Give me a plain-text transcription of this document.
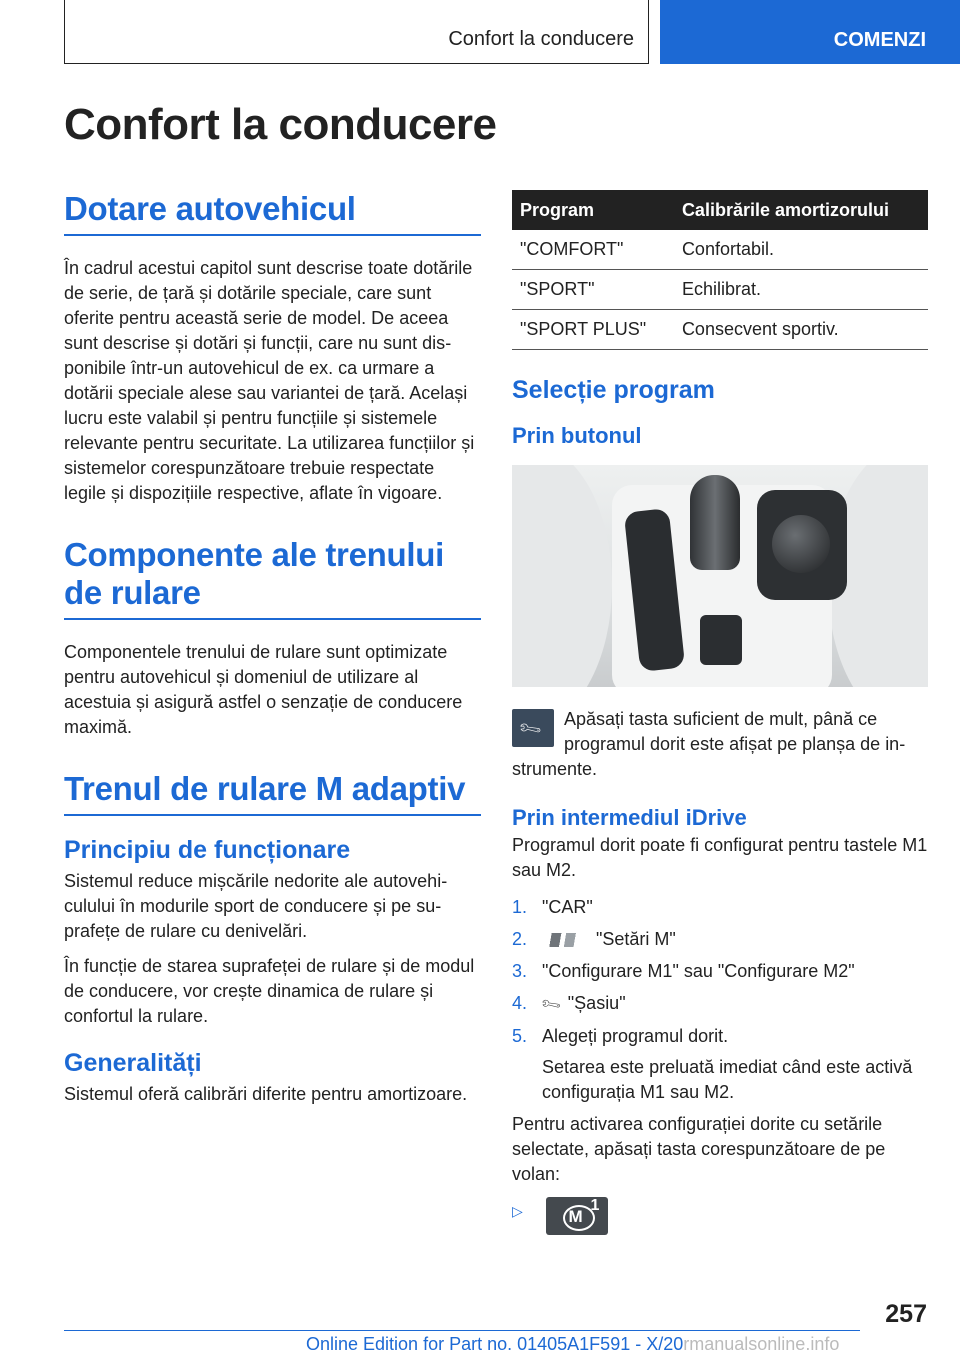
Confort la conducere	COMENZI
Confort la conducere
Dotare autovehicul

În cadrul acestui capitol sunt descrise toate dotările de serie, de țară și dotările speciale, care sunt oferite pentru această serie de model. De aceea sunt descrise și dotări și funcții, care nu sunt disponibile într-un autovehicul de ex. ca urmare a dotării speciale alese sau variantei de țară. Același lucru este valabil și pentru funcțiile și sistemele relevante pentru securitate. La utilizarea funcțiilor și sistemelor corespunzătoare trebuie respectate legile și dispozițiile respective, aflate în vigoare.

Componente ale trenului de rulare

Componentele trenului de rulare sunt optimizate pentru autovehicul și domeniul de utilizare al acestuia și asigură astfel o senzație de conducere maximă.

Trenul de rulare M adaptiv
Principiu de funcționare

Sistemul reduce mișcările nedorite ale autovehiculului în modurile sport de conducere și pe suprafețe de rulare cu denivelări.

În funcție de starea suprafeței de rulare și de modul de conducere, vor crește dinamica de rulare și confortul la rulare.

Generalități

Sistemul oferă calibrări diferite pentru amortizoare.

Program	Calibrările amortizorului
"COMFORT"	Confortabil.
"SPORT"	Echilibrat.
"SPORT PLUS"	Consecvent sportiv.
Selecție program
Prin butonul
🔧︎	Apăsați tasta suficient de mult, până ce programul dorit este afișat pe planșa de instrumente.

Prin intermediul iDrive

Programul dorit poate fi configurat pentru tastele M1 sau M2.

1. "CAR"
2.	"Setări M"
3. "Configurare M1" sau "Configurare M2"
4. 🔧︎ "Șasiu"
5. Alegeți programul dorit.
Setarea este preluată imediat când este activă configurația M1 sau M2.

Pentru activarea configurației dorite cu setările selectate, apăsați tasta corespunzătoare de pe volan:

▷	M
1
257
Online Edition for Part no. 01405A1F591 - X/20rmanualsonline.info
